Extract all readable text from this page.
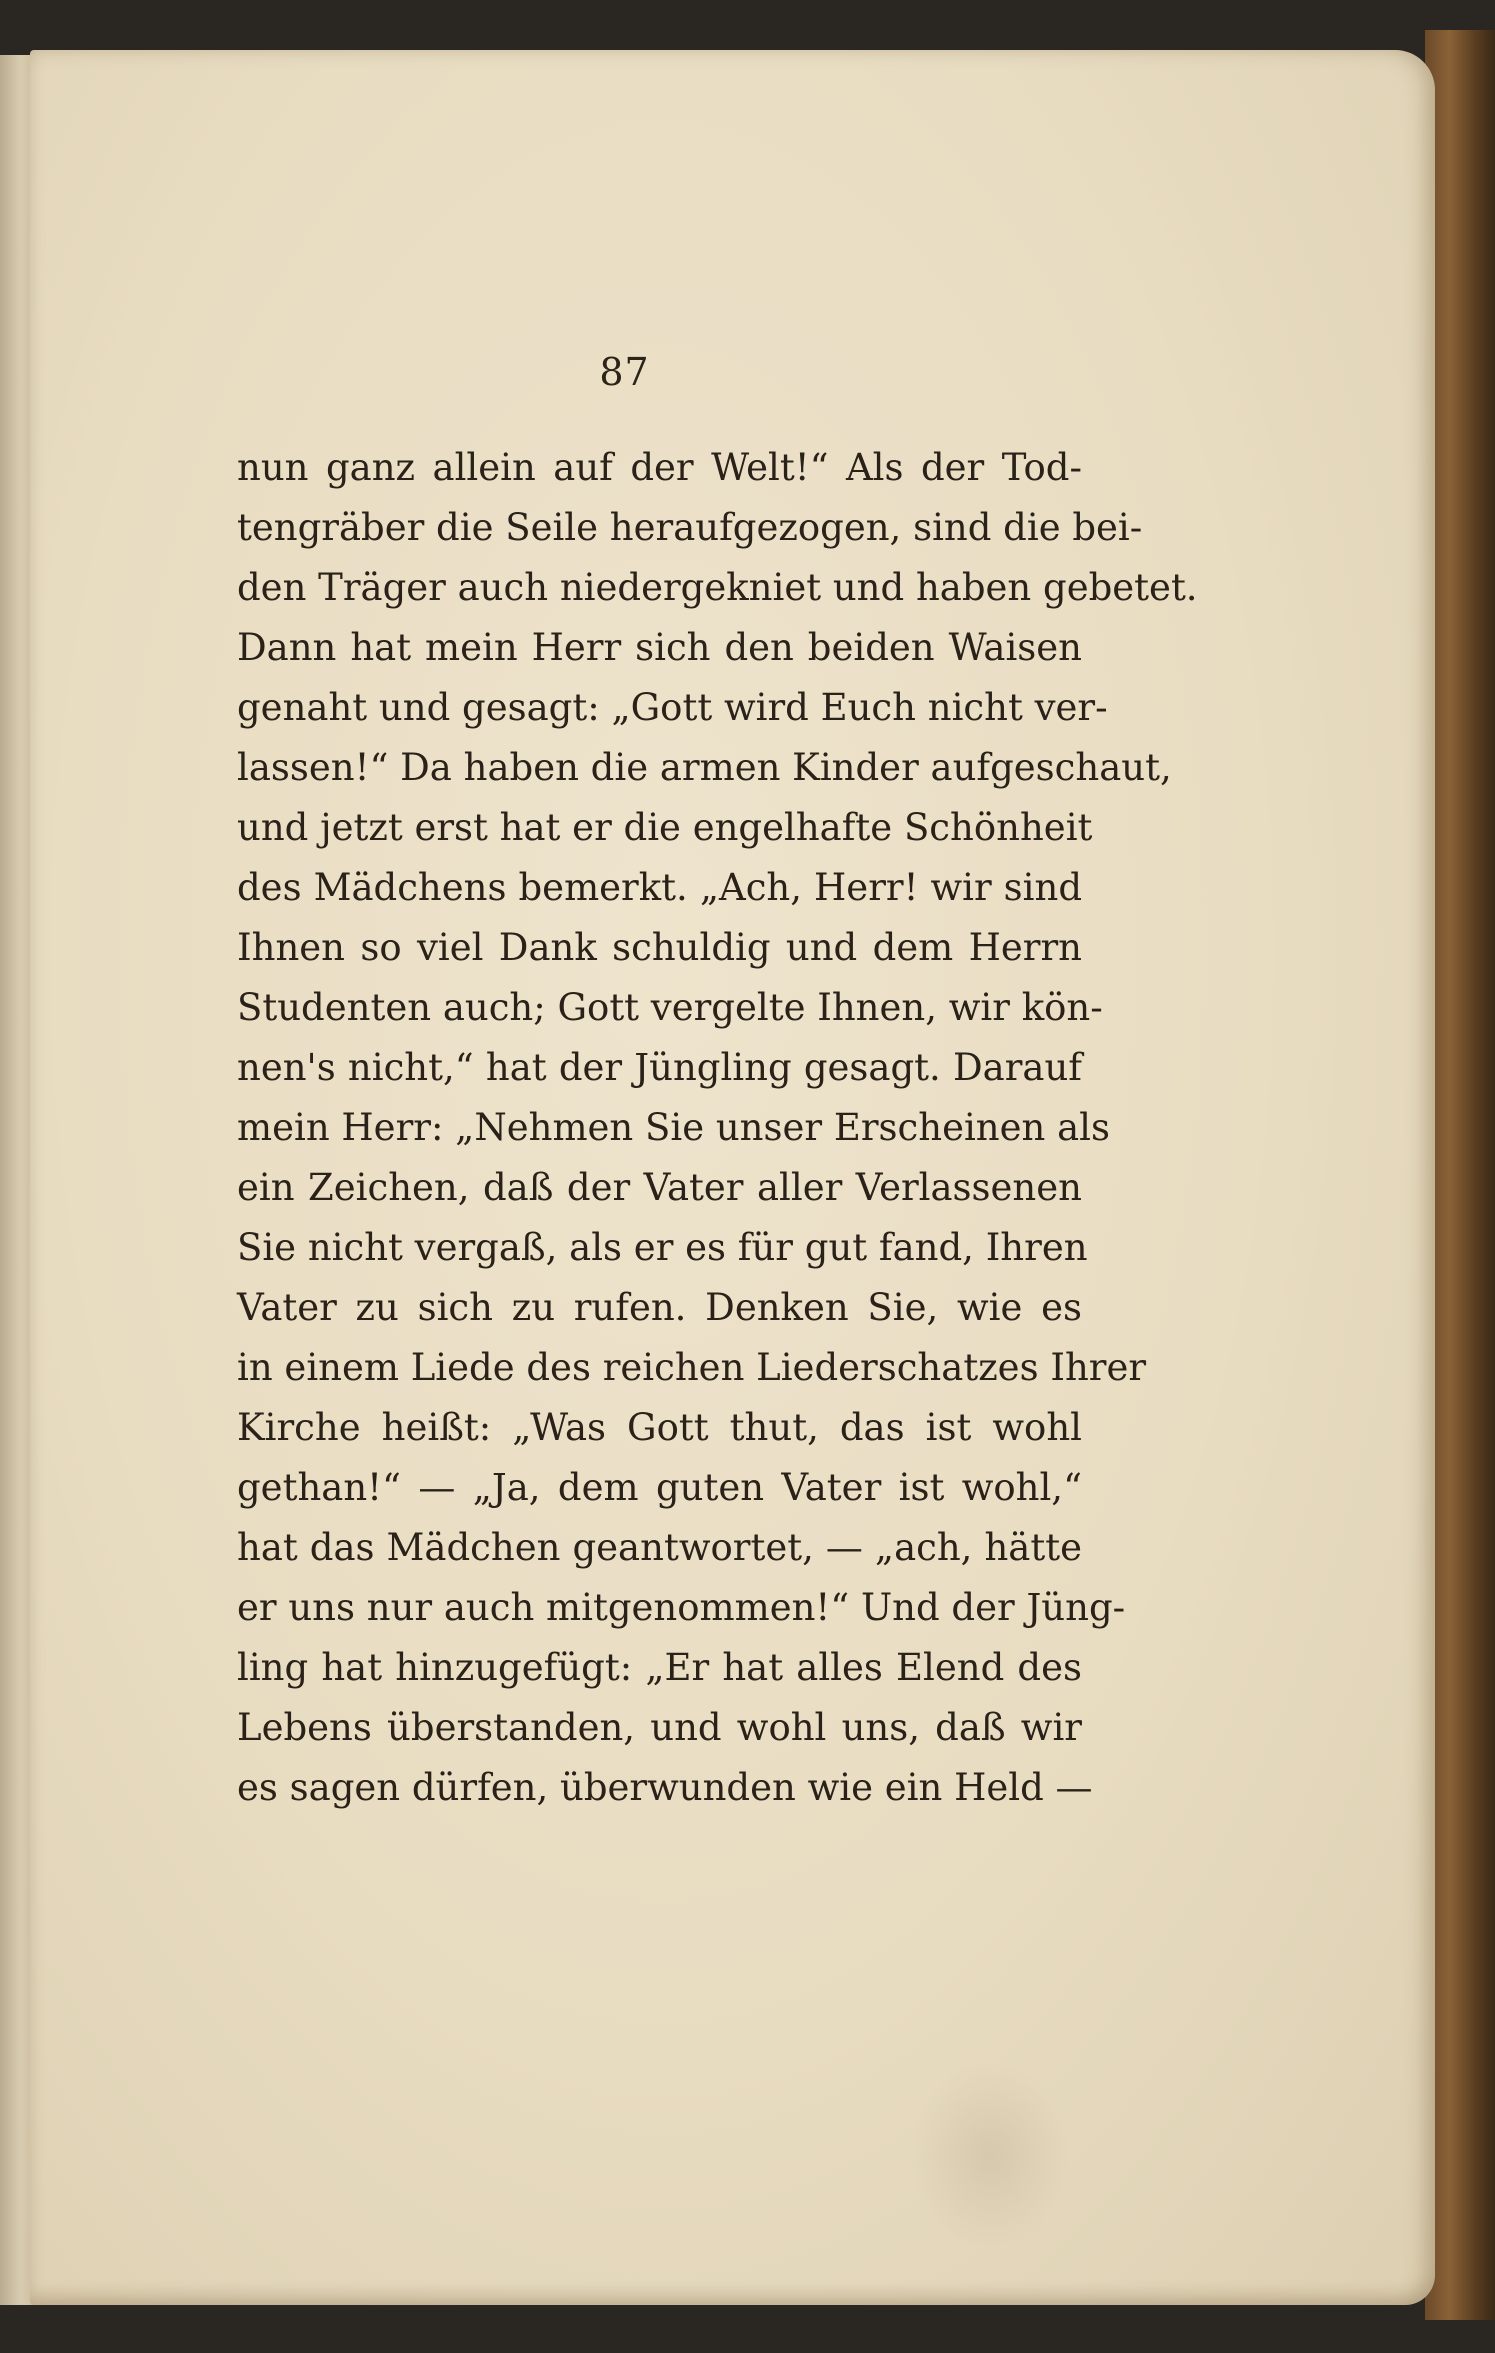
87
nun ganz allein auf der Welt!“ Als der Tod-
tengräber die Seile heraufgezogen, sind die bei-
den Träger auch niedergekniet und haben gebetet.
Dann hat mein Herr sich den beiden Waisen
genaht und gesagt: „Gott wird Euch nicht ver-
lassen!“ Da haben die armen Kinder aufgeschaut,
und jetzt erst hat er die engelhafte Schönheit
des Mädchens bemerkt. „Ach, Herr! wir sind
Ihnen so viel Dank schuldig und dem Herrn
Studenten auch; Gott vergelte Ihnen, wir kön-
nen's nicht,“ hat der Jüngling gesagt. Darauf
mein Herr: „Nehmen Sie unser Erscheinen als
ein Zeichen, daß der Vater aller Verlassenen
Sie nicht vergaß, als er es für gut fand, Ihren
Vater zu sich zu rufen. Denken Sie, wie es
in einem Liede des reichen Liederschatzes Ihrer
Kirche heißt: „Was Gott thut, das ist wohl
gethan!“ — „Ja, dem guten Vater ist wohl,“
hat das Mädchen geantwortet, — „ach, hätte
er uns nur auch mitgenommen!“ Und der Jüng-
ling hat hinzugefügt: „Er hat alles Elend des
Lebens überstanden, und wohl uns, daß wir
es sagen dürfen, überwunden wie ein Held —
